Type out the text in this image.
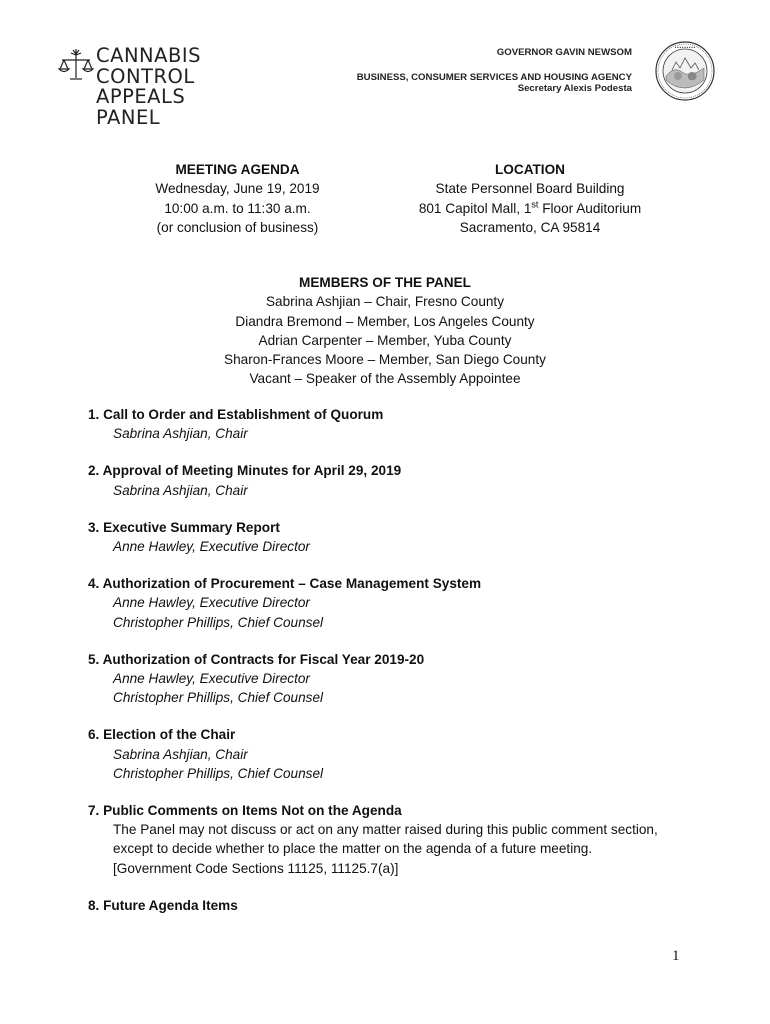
CANNABIS
CONTROL
APPEALS
PANEL
GOVERNOR GAVIN NEWSOM
BUSINESS, CONSUMER SERVICES AND HOUSING AGENCY
Secretary Alexis Podesta
•••••••••
MEETING AGENDA
Wednesday, June 19, 2019
10:00 a.m. to 11:30 a.m.
(or conclusion of business)
LOCATION
State Personnel Board Building
801 Capitol Mall, 1st Floor Auditorium
Sacramento, CA 95814
MEMBERS OF THE PANEL
Sabrina Ashjian – Chair, Fresno County
Diandra Bremond – Member, Los Angeles County
Adrian Carpenter – Member, Yuba County
Sharon-Frances Moore – Member, San Diego County
Vacant – Speaker of the Assembly Appointee
1. Call to Order and Establishment of Quorum
Sabrina Ashjian, Chair
2. Approval of Meeting Minutes for April 29, 2019
Sabrina Ashjian, Chair
3. Executive Summary Report
Anne Hawley, Executive Director
4. Authorization of Procurement – Case Management System
Anne Hawley, Executive Director
Christopher Phillips, Chief Counsel
5. Authorization of Contracts for Fiscal Year 2019-20
Anne Hawley, Executive Director
Christopher Phillips, Chief Counsel
6. Election of the Chair
Sabrina Ashjian, Chair
Christopher Phillips, Chief Counsel
7. Public Comments on Items Not on the Agenda
The Panel may not discuss or act on any matter raised during this public comment section,
except to decide whether to place the matter on the agenda of a future meeting.
[Government Code Sections 11125, 11125.7(a)]
8. Future Agenda Items
1
